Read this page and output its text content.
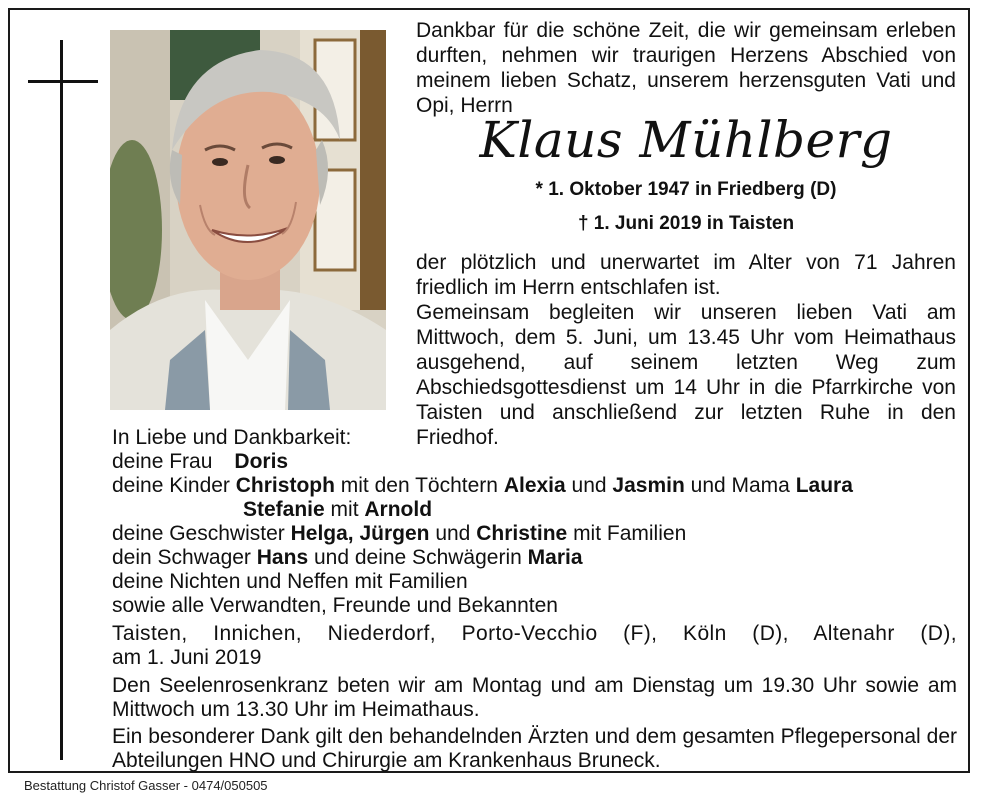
Dankbar für die schöne Zeit, die wir gemeinsam erleben durften, nehmen wir traurigen Herzens Abschied von meinem lieben Schatz, unserem herzensguten Vati und Opi, Herrn
Klaus Mühlberg
* 1. Oktober 1947 in Friedberg (D)
† 1. Juni 2019 in Taisten

der plötzlich und unerwartet im Alter von 71 Jahren friedlich im Herrn entschlafen ist.

Gemeinsam begleiten wir unseren lieben Vati am Mittwoch, dem 5. Juni, um 13.45 Uhr vom Heimathaus ausgehend, auf seinem letzten Weg zum Abschiedsgottesdienst um 14 Uhr in die Pfarrkirche von Taisten und anschließend zur letzten Ruhe in den Friedhof.

In Liebe und Dankbarkeit:
deine Frau Doris
deine Kinder Christoph mit den Töchtern Alexia und Jasmin und Mama Laura
Stefanie mit Arnold
deine Geschwister Helga, Jürgen und Christine mit Familien
dein Schwager Hans und deine Schwägerin Maria
deine Nichten und Neffen mit Familien
sowie alle Verwandten, Freunde und Bekannten
Taisten, Innichen, Niederdorf, Porto-Vecchio (F), Köln (D), Altenahr (D),
am 1. Juni 2019
Den Seelenrosenkranz beten wir am Montag und am Dienstag um 19.30 Uhr sowie am Mittwoch um 13.30 Uhr im Heimathaus.
Ein besonderer Dank gilt den behandelnden Ärzten und dem gesamten Pflegepersonal der Abteilungen HNO und Chirurgie am Krankenhaus Bruneck.
Bestattung Christof Gasser - 0474/050505
